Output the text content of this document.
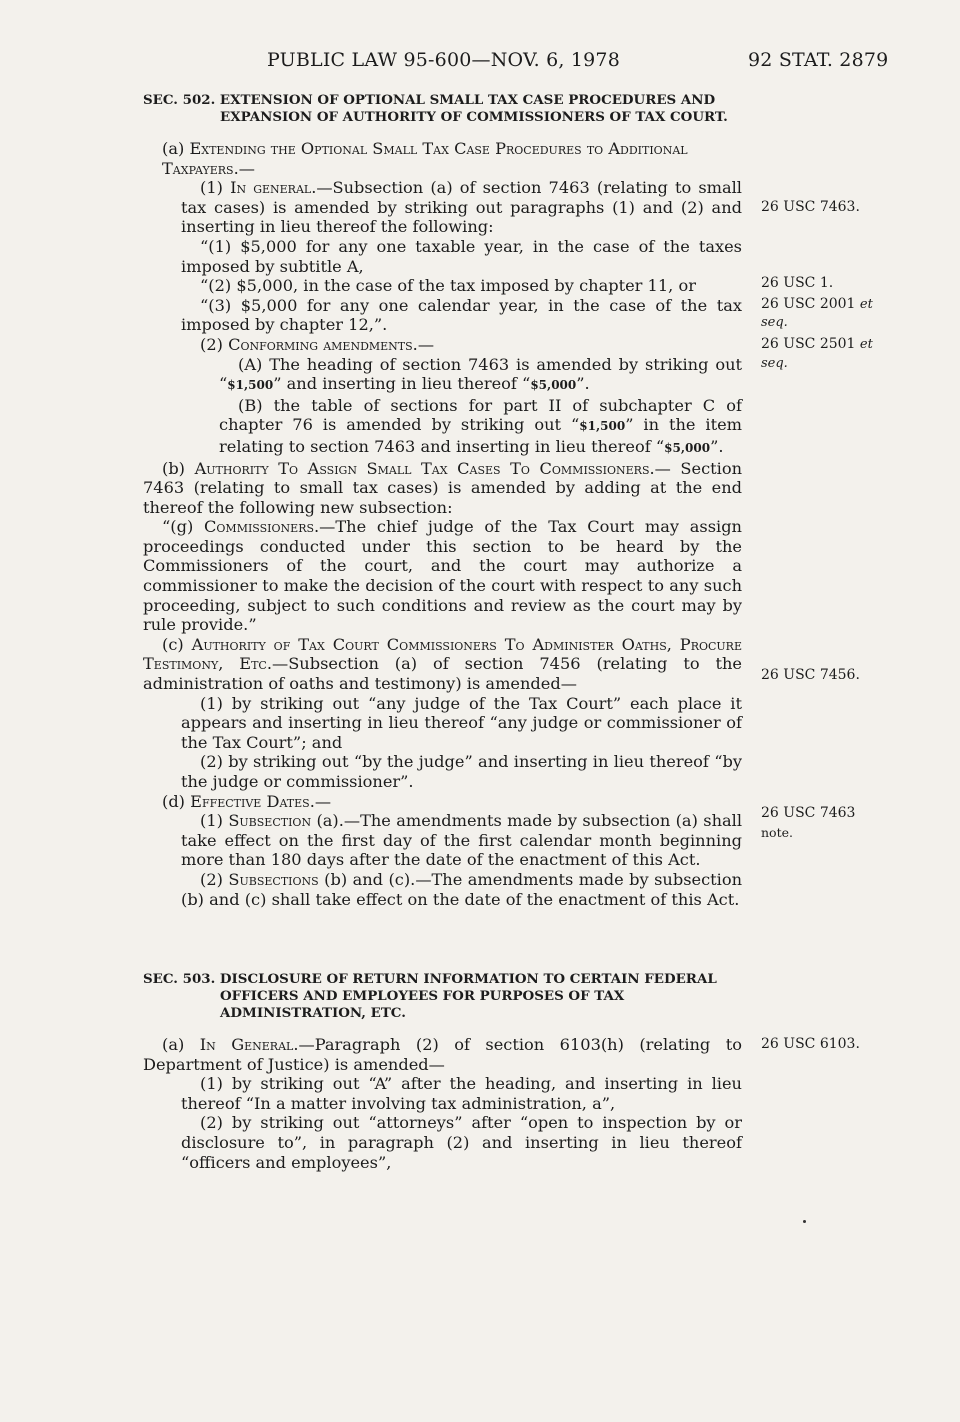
PUBLIC LAW 95-600—NOV. 6, 1978	92 STAT. 2879

SEC. 502. EXTENSION OF OPTIONAL SMALL TAX CASE PROCEDURES AND EXPANSION OF AUTHORITY OF COMMISSIONERS OF TAX COURT.

(a) Extending the Optional Small Tax Case Procedures to Additional Taxpayers.—

(1) In general.—Subsection (a) of section 7463 (relating to small tax cases) is amended by striking out paragraphs (1) and (2) and inserting in lieu thereof the following:

“(1) $5,000 for any one taxable year, in the case of the taxes imposed by subtitle A,

“(2) $5,000, in the case of the tax imposed by chapter 11, or

“(3) $5,000 for any one calendar year, in the case of the tax imposed by chapter 12,”.

(2) Conforming amendments.—

(A) The heading of section 7463 is amended by striking out “$1,500” and inserting in lieu thereof “$5,000”.

(B) the table of sections for part II of subchapter C of chapter 76 is amended by striking out “$1,500” in the item relating to section 7463 and inserting in lieu thereof “$5,000”.

(b) Authority To Assign Small Tax Cases To Commissioners.— Section 7463 (relating to small tax cases) is amended by adding at the end thereof the following new subsection:

“(g) Commissioners.—The chief judge of the Tax Court may assign proceedings conducted under this section to be heard by the Commissioners of the court, and the court may authorize a commissioner to make the decision of the court with respect to any such proceeding, subject to such conditions and review as the court may by rule provide.”

(c) Authority of Tax Court Commissioners To Administer Oaths, Procure Testimony, Etc.—Subsection (a) of section 7456 (relating to the administration of oaths and testimony) is amended—

(1) by striking out “any judge of the Tax Court” each place it appears and inserting in lieu thereof “any judge or commissioner of the Tax Court”; and

(2) by striking out “by the judge” and inserting in lieu thereof “by the judge or commissioner”.

(d) Effective Dates.—

(1) Subsection (a).—The amendments made by subsection (a) shall take effect on the first day of the first calendar month beginning more than 180 days after the date of the enactment of this Act.

(2) Subsections (b) and (c).—The amendments made by subsection (b) and (c) shall take effect on the date of the enactment of this Act.

SEC. 503. DISCLOSURE OF RETURN INFORMATION TO CERTAIN FEDERAL OFFICERS AND EMPLOYEES FOR PURPOSES OF TAX ADMINISTRATION, ETC.

(a) In General.—Paragraph (2) of section 6103(h) (relating to Department of Justice) is amended—

(1) by striking out “A” after the heading, and inserting in lieu thereof “In a matter involving tax administration, a”,

(2) by striking out “attorneys” after “open to inspection by or disclosure to”, in paragraph (2) and inserting in lieu thereof “officers and employees”,

26 USC 7463.
26 USC 1.
26 USC 2001 et
seq.
26 USC 2501 et
seq.
26 USC 7456.
26 USC 7463
note.
26 USC 6103.
